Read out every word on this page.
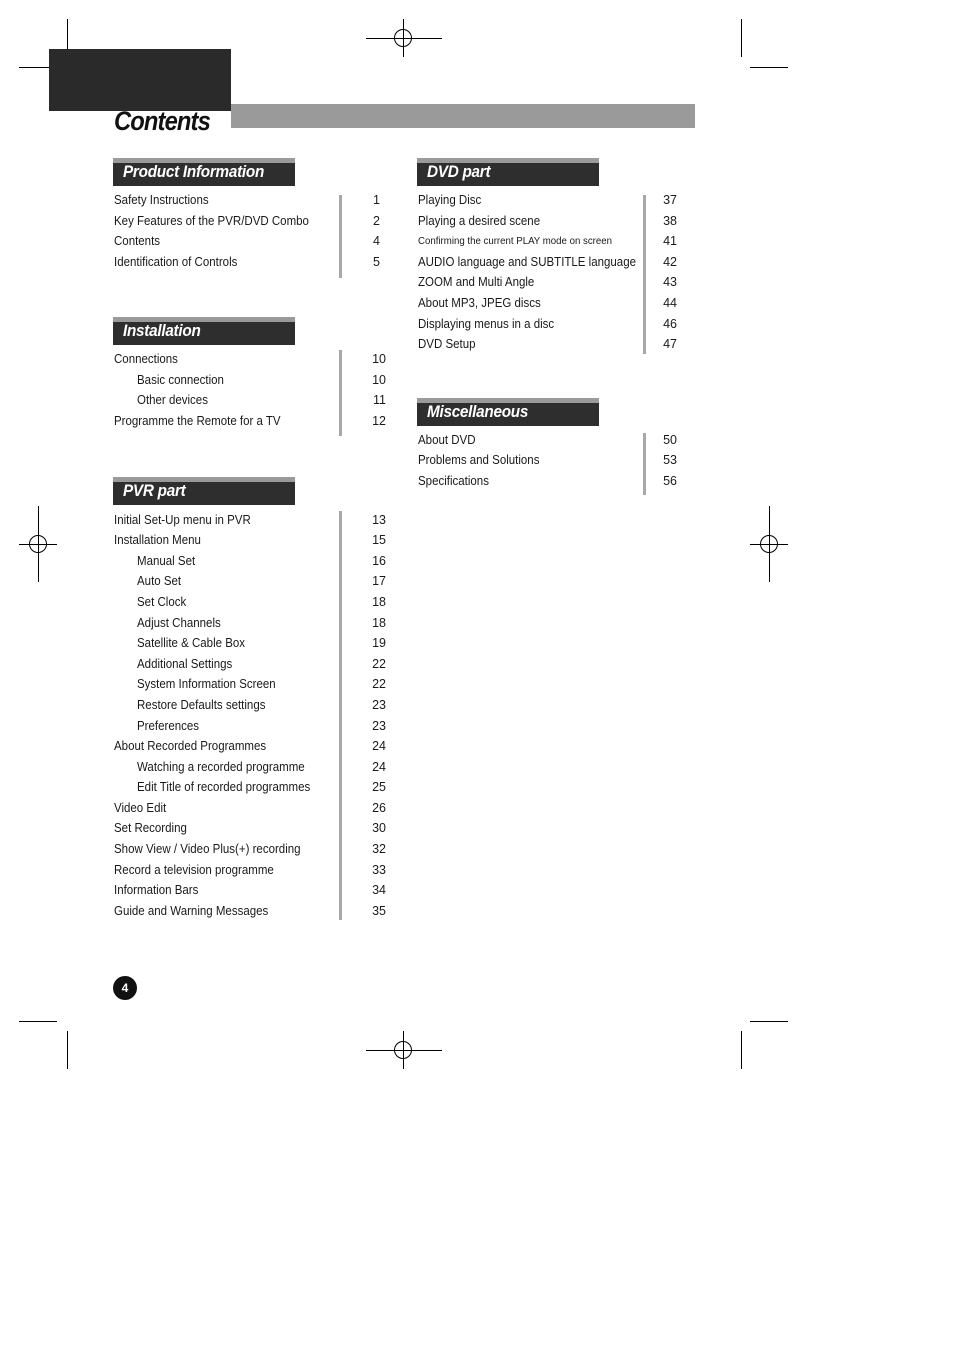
Contents
Product Information
Installation
PVR part
DVD part
Miscellaneous
Safety Instructions	1
Key Features of the PVR/DVD Combo	2
Contents	4
Identification of Controls	5
Connections	10
Basic connection	10
Other devices	11
Programme the Remote for a TV	12
Initial Set-Up menu in PVR	13
Installation Menu	15
Manual Set	16
Auto Set	17
Set Clock	18
Adjust Channels	18
Satellite & Cable Box	19
Additional Settings	22
System Information Screen	22
Restore Defaults settings	23
Preferences	23
About Recorded Programmes	24
Watching a recorded programme	24
Edit Title of recorded programmes	25
Video Edit	26
Set Recording	30
Show View / Video Plus(+) recording	32
Record a television programme	33
Information Bars	34
Guide and Warning Messages	35
Playing Disc	37
Playing a desired scene	38
Confirming the current PLAY mode on screen	41
AUDIO language and SUBTITLE language	42
ZOOM and Multi Angle	43
About MP3, JPEG discs	44
Displaying menus in a disc	46
DVD Setup	47
About DVD	50
Problems and Solutions	53
Specifications	56
4
